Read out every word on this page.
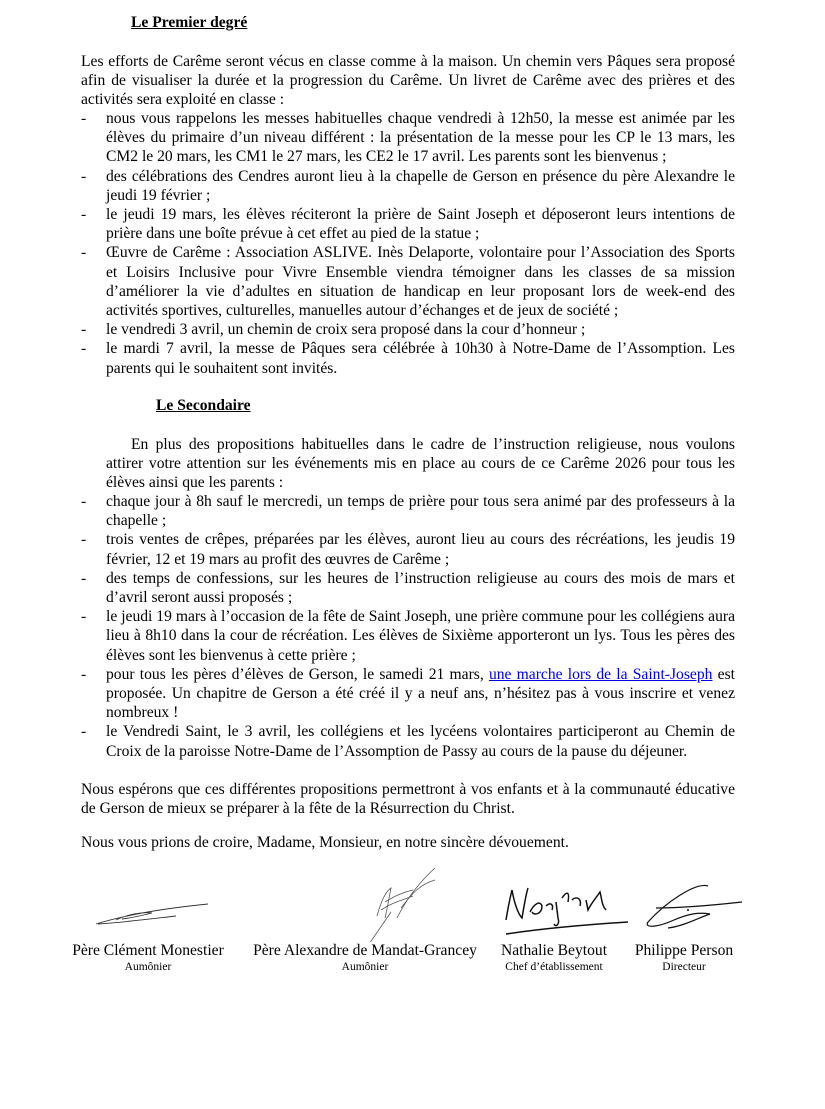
Le Premier degré
Les efforts de Carême seront vécus en classe comme à la maison. Un chemin vers Pâques sera proposé afin de visualiser la durée et la progression du Carême. Un livret de Carême avec des prières et des activités sera exploité en classe :
- nous vous rappelons les messes habituelles chaque vendredi à 12h50, la messe est animée par les élèves du primaire d’un niveau différent : la présentation de la messe pour les CP le 13 mars, les CM2 le 20 mars, les CM1 le 27 mars, les CE2 le 17 avril. Les parents sont les bienvenus ;
- des célébrations des Cendres auront lieu à la chapelle de Gerson en présence du père Alexandre le jeudi 19 février ;
- le jeudi 19 mars, les élèves réciteront la prière de Saint Joseph et déposeront leurs intentions de prière dans une boîte prévue à cet effet au pied de la statue ;
- Œuvre de Carême : Association ASLIVE. Inès Delaporte, volontaire pour l’Association des Sports et Loisirs Inclusive pour Vivre Ensemble viendra témoigner dans les classes de sa mission d’améliorer la vie d’adultes en situation de handicap en leur proposant lors de week-end des activités sportives, culturelles, manuelles autour d’échanges et de jeux de société ;
- le vendredi 3 avril, un chemin de croix sera proposé dans la cour d’honneur ;
- le mardi 7 avril, la messe de Pâques sera célébrée à 10h30 à Notre-Dame de l’Assomption. Les parents qui le souhaitent sont invités.
Le Secondaire
En plus des propositions habituelles dans le cadre de l’instruction religieuse, nous voulons attirer votre attention sur les événements mis en place au cours de ce Carême 2026 pour tous les élèves ainsi que les parents :
- chaque jour à 8h sauf le mercredi, un temps de prière pour tous sera animé par des professeurs à la chapelle ;
- trois ventes de crêpes, préparées par les élèves, auront lieu au cours des récréations, les jeudis 19 février, 12 et 19 mars au profit des œuvres de Carême ;
- des temps de confessions, sur les heures de l’instruction religieuse au cours des mois de mars et d’avril seront aussi proposés ;
- le jeudi 19 mars à l’occasion de la fête de Saint Joseph, une prière commune pour les collégiens aura lieu à 8h10 dans la cour de récréation. Les élèves de Sixième apporteront un lys. Tous les pères des élèves sont les bienvenus à cette prière ;
- pour tous les pères d’élèves de Gerson, le samedi 21 mars, une marche lors de la Saint-Joseph est proposée. Un chapitre de Gerson a été créé il y a neuf ans, n’hésitez pas à vous inscrire et venez nombreux !
- le Vendredi Saint, le 3 avril, les collégiens et les lycéens volontaires participeront au Chemin de Croix de la paroisse Notre-Dame de l’Assomption de Passy au cours de la pause du déjeuner.
Nous espérons que ces différentes propositions permettront à vos enfants et à la communauté éducative de Gerson de mieux se préparer à la fête de la Résurrection du Christ.
Nous vous prions de croire, Madame, Monsieur, en notre sincère dévouement.
Père Clément Monestier
Aumônier
Père Alexandre de Mandat-Grancey
Aumônier
Nathalie Beytout
Chef d’établissement
Philippe Person
Directeur
